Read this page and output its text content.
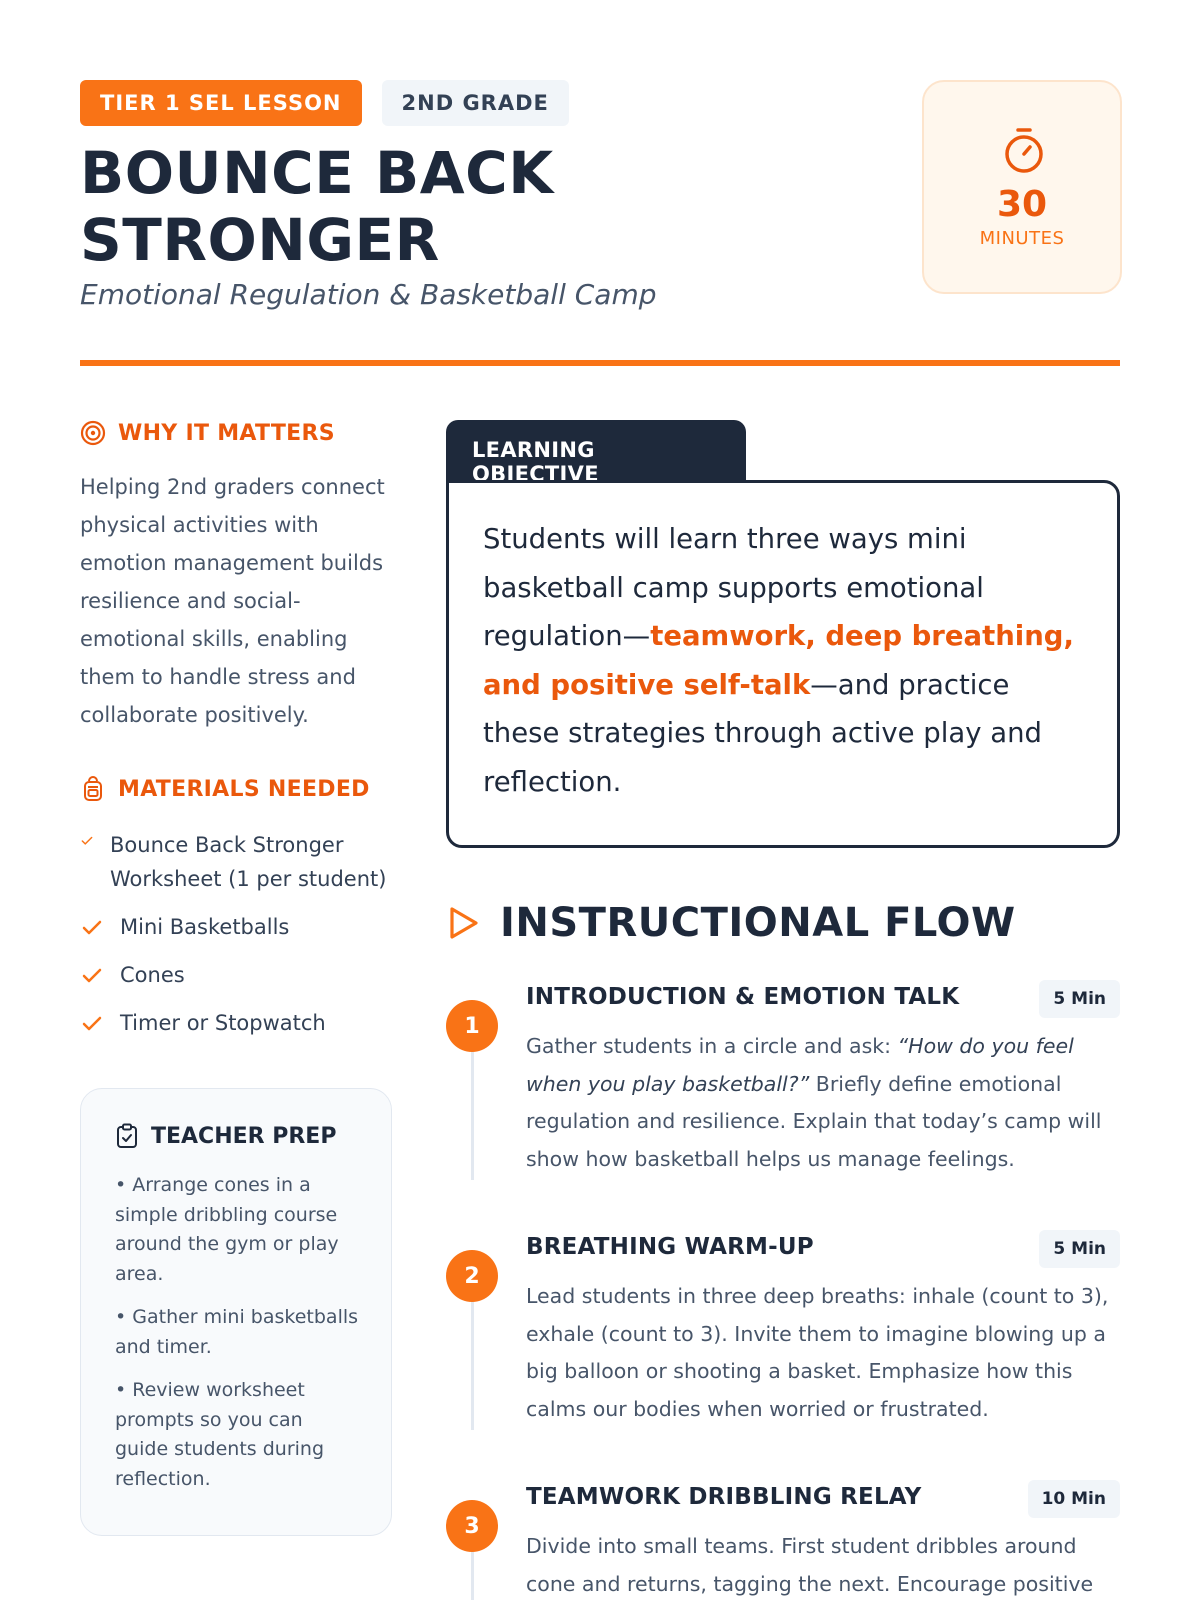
TIER 1 SEL LESSON	2ND GRADE
BOUNCE BACK
STRONGER
Emotional Regulation & Basketball Camp
30
MINUTES
WHY IT MATTERS

Helping 2nd graders connect physical activities with emotion management builds resilience and social-emotional skills, enabling them to handle stress and collaborate positively.

MATERIALS NEEDED
Bounce Back Stronger Worksheet (1 per student)
Mini Basketballs
Cones
Timer or Stopwatch
TEACHER PREP
• Arrange cones in a simple dribbling course around the gym or play area.
• Gather mini basketballs and timer.
• Review worksheet prompts so you can guide students during reflection.
LEARNING OBJECTIVE

Students will learn three ways mini basketball camp supports emotional regulation—teamwork, deep breathing, and positive self-talk—and practice these strategies through active play and reflection.

INSTRUCTIONAL FLOW
1
INTRODUCTION & EMOTION TALK	5 Min

Gather students in a circle and ask: “How do you feel when you play basketball?” Briefly define emotional regulation and resilience. Explain that today’s camp will show how basketball helps us manage feelings.

2
BREATHING WARM-UP	5 Min

Lead students in three deep breaths: inhale (count to 3), exhale (count to 3). Invite them to imagine blowing up a big balloon or shooting a basket. Emphasize how this calms our bodies when worried or frustrated.

3
TEAMWORK DRIBBLING RELAY	10 Min

Divide into small teams. First student dribbles around cone and returns, tagging the next. Encourage positive
